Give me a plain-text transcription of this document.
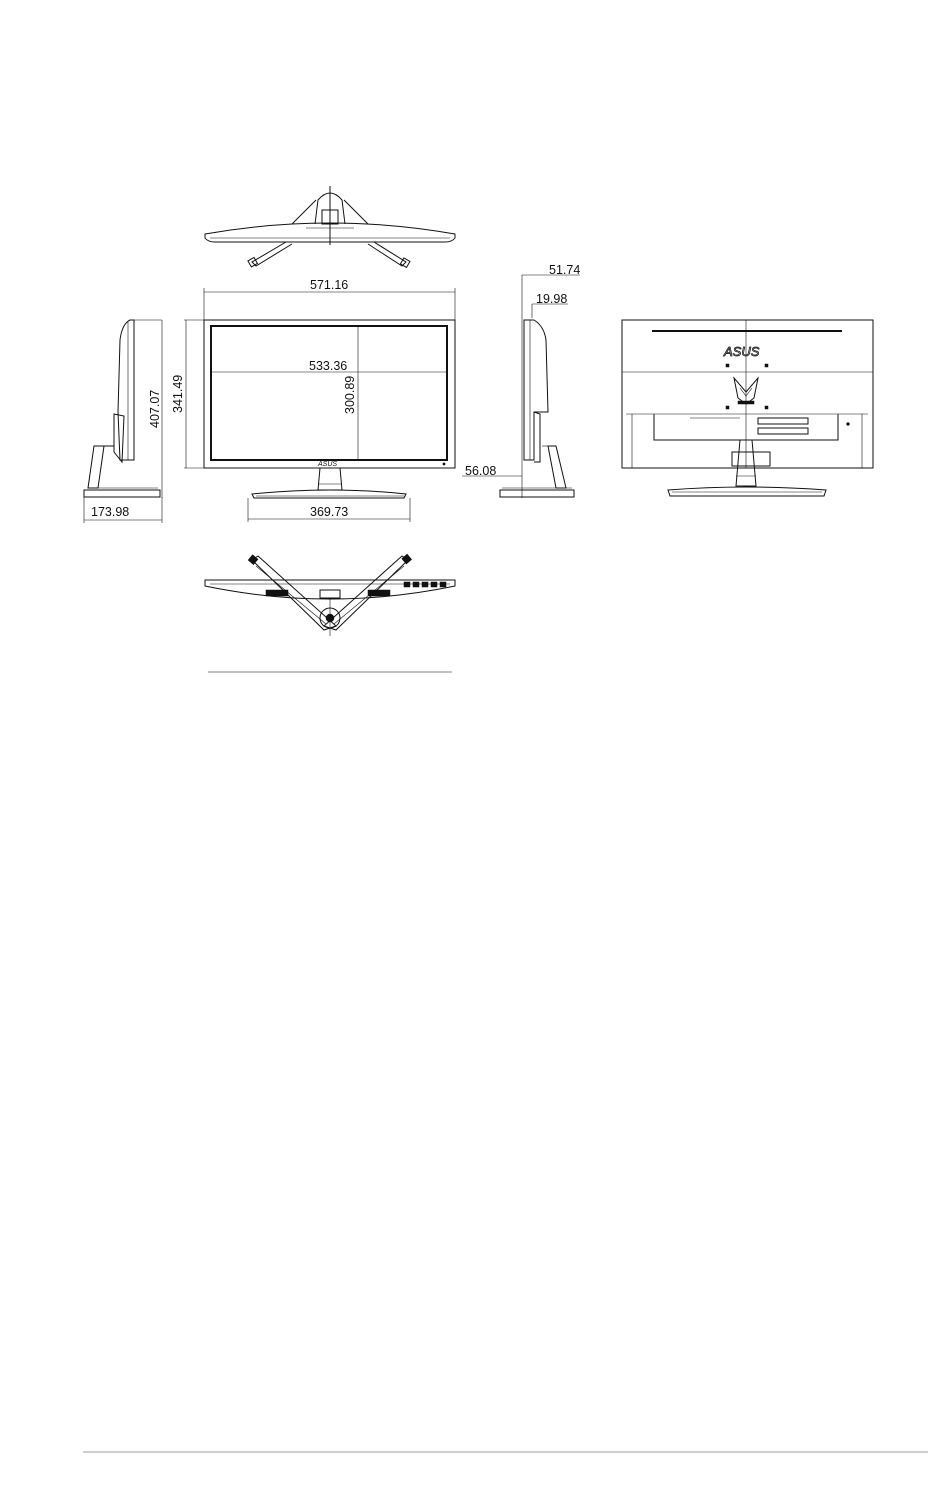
571.16
533.36
300.89
ASUS
341.49
369.73
407.07
173.98
51.74
19.98
56.08
ASUS
